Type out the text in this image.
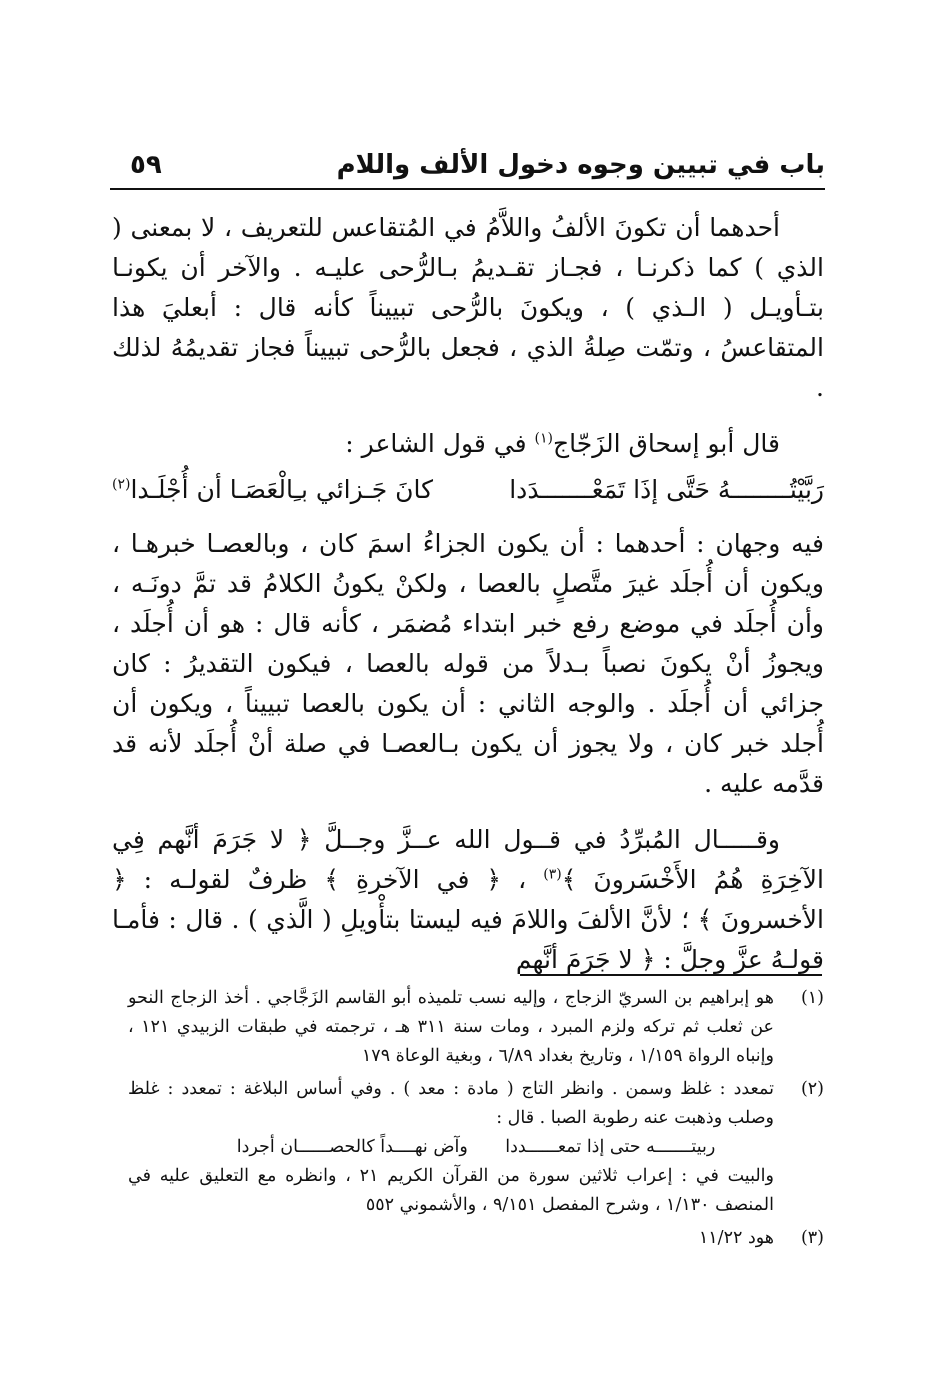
باب في تبيين وجوه دخول الألف واللام
٥٩
أحدهما أن تكونَ الألفُ واللاَّمُ في المُتقاعس للتعريف ، لا بمعنى ( الذي ) كما ذكرنـا ، فجـاز تقـديمُ بـالرُّحى عليـه . والآخر أن يكونـا بتـأويـل ( الـذي ) ، ويكونَ بالرُّحى تبييناً كأنه قال : أبعليَ هذا المتقاعسُ ، وتمّت صِلةُ الذي ، فجعل بالرُّحى تبييناً فجاز تقديمُهُ لذلك .
قال أبو إسحاق الزَجّاج$^{(١)}$ في قول الشاعر :
رَبَّيْتُــــــــهُ حَتَّى إذَا تَمَعْـــــــدَدا
كانَ جَـزائي بـِالْعَصَـا أن أُجْلَـدا$^{(٢)}$
فيه وجهان : أحدهما : أن يكون الجزاءُ اسمَ كان ، وبالعصـا خبرهـا ، ويكون أن أُجلَد غيرَ متَّصلٍ بالعصا ، ولكنْ يكونُ الكلامُ قد تمَّ دونَـه ، وأن أُجلَد في موضع رفع خبر ابتداء مُضمَر ، كأنه قال : هو أن أُجلَد ، ويجوزُ أنْ يكونَ نصباً بـدلاً من قوله بالعصا ، فيكون التقديرُ : كان جزائي أن أُجلَد . والوجه الثاني : أن يكون بالعصا تبييناً ، ويكون أن أُجلد خبر كان ، ولا يجوز أن يكون بـالعصـا في صلة أنْ أُجلَد لأنه قد قدَّمه عليه .
وقـــــال المُبرِّدُ في قــول الله عــزَّ وجــلَّ ﴿ لا جَرَمَ أنَّهم فِي الآخِرَةِ هُمُ الأَخْسَرونَ ﴾$^{(٣)}$ ، ﴿ في الآخرةِ ﴾ ظرفٌ لقولـه : ﴿ الأخسرونَ ﴾ ؛ لأنَّ الألفَ واللامَ فيه ليستا بتأْويلِ ( الَّذي ) . قال : فأمـا قولـهُ عزَّ وجلَّ : ﴿ لا جَرَمَ أنَّهم
(١)
هو إبراهيم بن السريّ الزجاج ، وإليه نسب تلميذه أبو القاسم الزَجَّاجي . أخذ الزجاج النحو عن ثعلب ثم تركه ولزم المبرد ، ومات سنة ٣١١ هـ ، ترجمته في طبقات الزبيدي ١٢١ ، وإنباه الرواة ١/١٥٩ ، وتاريخ بغداد ٦/٨٩ ، وبغية الوعاة ١٧٩
(٢)
تمعدد : غلظ وسمن . وانظر التاج ( مادة : معد ) . وفي أساس البلاغة : تمعدد : غلظ وصلب وذهبت عنه رطوبة الصبا . قال :
ربيتـــــــه حتى إذا تمعــــــددا
وآض نهــــداً كالحصــــــان أجردا
والبيت في : إعراب ثلاثين سورة من القرآن الكريم ٢١ ، وانظره مع التعليق عليه في المنصف ١/١٣٠ ، وشرح المفصل ٩/١٥١ ، والأشموني ٥٥٢
(٣)
هود ١١/٢٢
